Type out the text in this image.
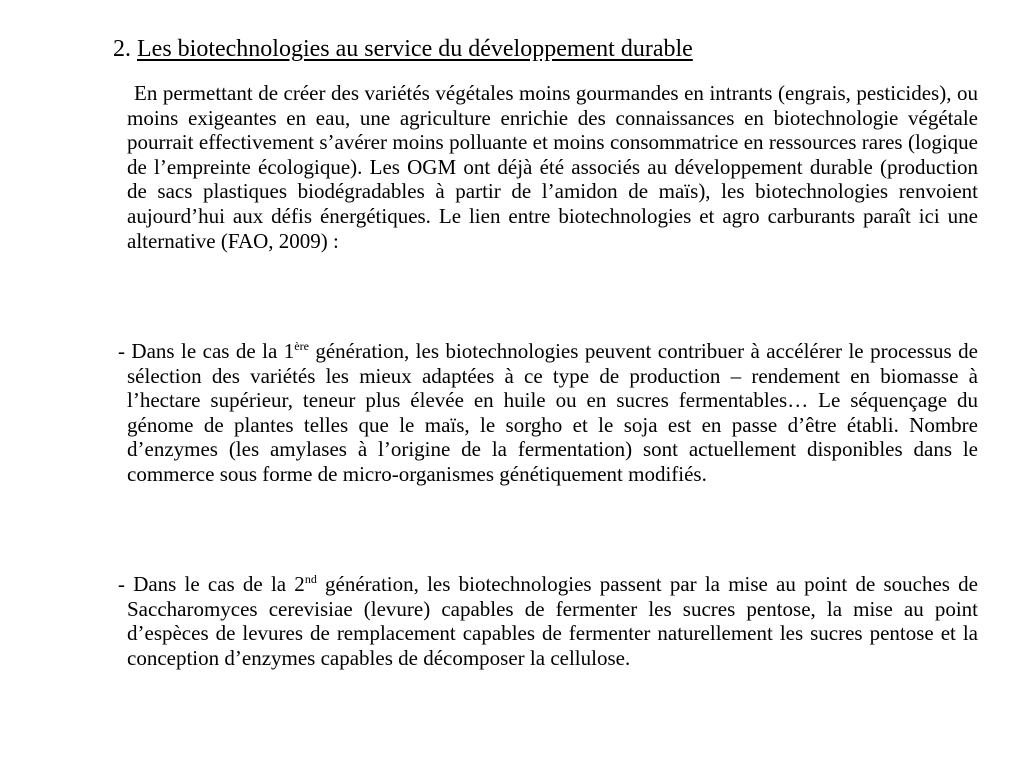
2. Les biotechnologies au service du développement durable

En permettant de créer des variétés végétales moins gourmandes en intrants (engrais, pesticides), ou moins exigeantes en eau, une agriculture enrichie des connaissances en biotechnologie végétale pourrait effectivement s’avérer moins polluante et moins consommatrice en ressources rares (logique de l’empreinte écologique). Les OGM ont déjà été associés au développement durable (production de sacs plastiques biodégradables à partir de l’amidon de maïs), les biotechnologies renvoient aujourd’hui aux défis énergétiques. Le lien entre biotechnologies et agro carburants paraît ici une alternative (FAO, 2009) :

- Dans le cas de la 1ère génération, les biotechnologies peuvent contribuer à accélérer le processus de sélection des variétés les mieux adaptées à ce type de production – rendement en biomasse à l’hectare supérieur, teneur plus élevée en huile ou en sucres fermentables… Le séquençage du génome de plantes telles que le maïs, le sorgho et le soja est en passe d’être établi. Nombre d’enzymes (les amylases à l’origine de la fermentation) sont actuellement disponibles dans le commerce sous forme de micro-organismes génétiquement modifiés.

- Dans le cas de la 2nd génération, les biotechnologies passent par la mise au point de souches de Saccharomyces cerevisiae (levure) capables de fermenter les sucres pentose, la mise au point d’espèces de levures de remplacement capables de fermenter naturellement les sucres pentose et la conception d’enzymes capables de décomposer la cellulose.
